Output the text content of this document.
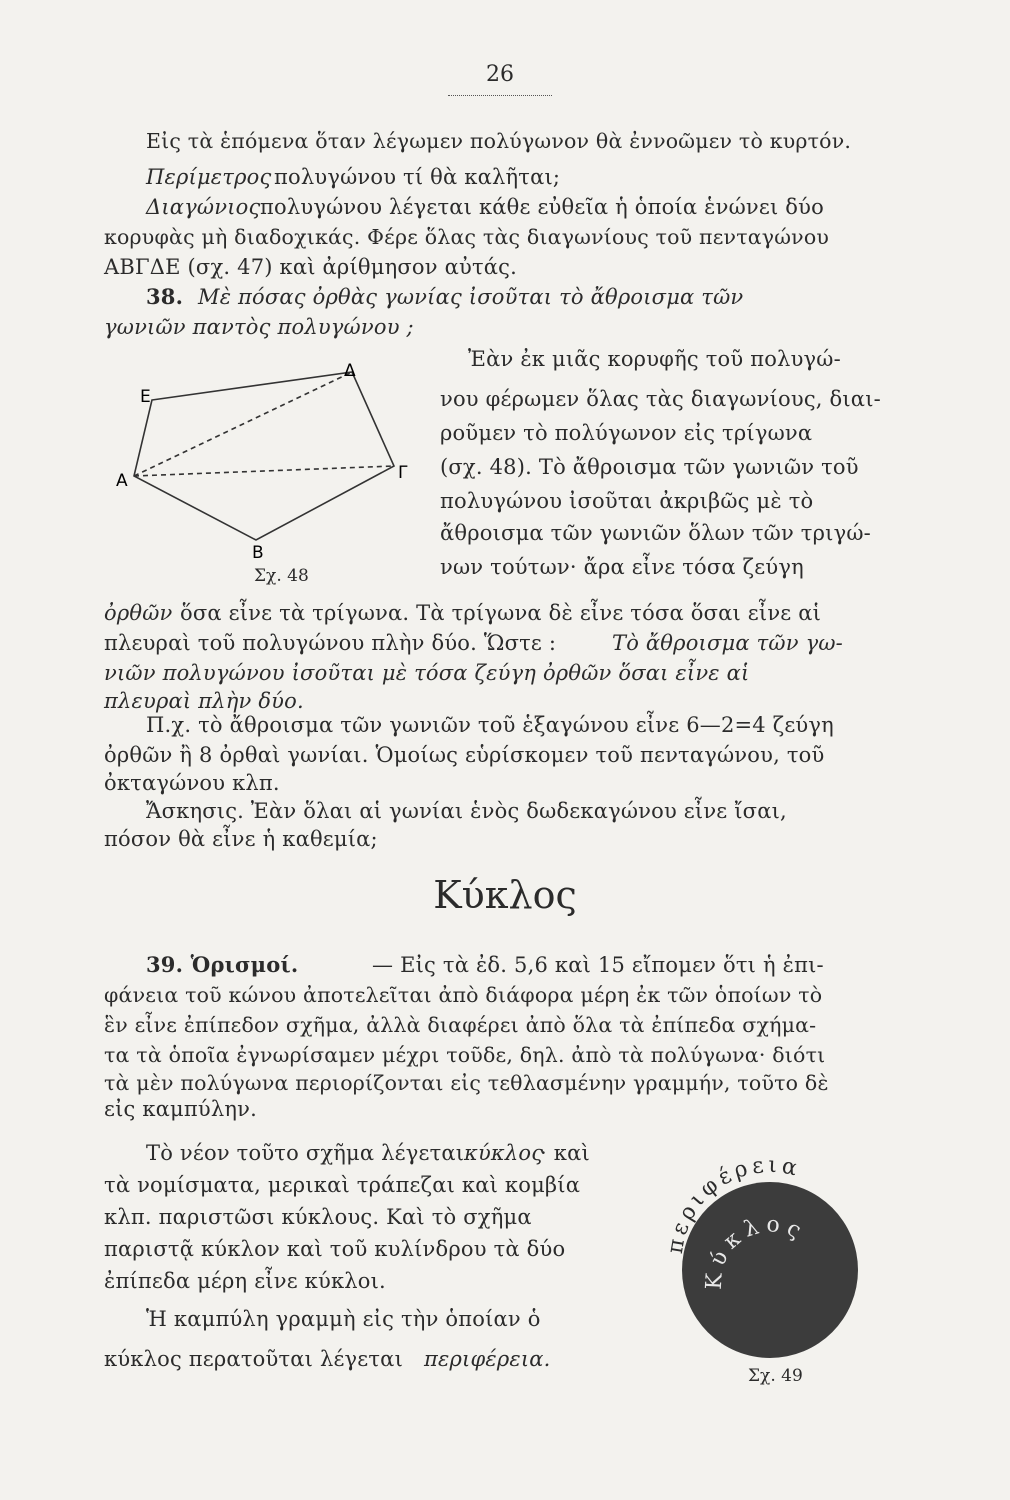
26
Εἰς τὰ ἑπόμενα ὅταν λέγωμεν πολύγωνον θὰ ἐννοῶμεν τὸ κυρτόν.
Περίμετρος πολυγώνου τί θὰ καλῆται;
Διαγώνιος πολυγώνου λέγεται κάθε εὐθεῖα ἡ ὁποία ἑνώνει δύο
κορυφὰς μὴ διαδοχικάς. Φέρε ὅλας τὰς διαγωνίους τοῦ πενταγώνου
ΑΒΓΔΕ (σχ. 47) καὶ ἀρίθμησον αὐτάς.
38. Μὲ πόσας ὀρθὰς γωνίας ἰσοῦται τὸ ἄθροισμα τῶν
γωνιῶν παντὸς πολυγώνου ;
Ἐὰν ἐκ μιᾶς κορυφῆς τοῦ πολυγώ-
νου φέρωμεν ὅλας τὰς διαγωνίους, διαι-
ροῦμεν τὸ πολύγωνον εἰς τρίγωνα
(σχ. 48). Τὸ ἄθροισμα τῶν γωνιῶν τοῦ
πολυγώνου ἰσοῦται ἀκριβῶς μὲ τὸ
ἄθροισμα τῶν γωνιῶν ὅλων τῶν τριγώ-
νων τούτων· ἄρα εἶνε τόσα ζεύγη
E
Δ
Γ
A
B
Σχ. 48
ὀρθῶν ὅσα εἶνε τὰ τρίγωνα. Τὰ τρίγωνα δὲ εἶνε τόσα ὅσαι εἶνε αἱ
πλευραὶ τοῦ πολυγώνου πλὴν δύο. Ὥστε :	Τὸ ἄθροισμα τῶν γω-
νιῶν πολυγώνου ἰσοῦται μὲ τόσα ζεύγη ὀρθῶν ὅσαι εἶνε αἱ
πλευραὶ πλὴν δύο.
Π.χ. τὸ ἄθροισμα τῶν γωνιῶν τοῦ ἑξαγώνου εἶνε 6—2=4 ζεύγη
ὀρθῶν ἢ 8 ὀρθαὶ γωνίαι. Ὁμοίως εὑρίσκομεν τοῦ πενταγώνου, τοῦ
ὀκταγώνου κλπ.
Ἄσκησις. Ἐὰν ὅλαι αἱ γωνίαι ἑνὸς δωδεκαγώνου εἶνε ἴσαι,
πόσον θὰ εἶνε ἡ καθεμία;
Κύκλος
39. Ὁρισμοί.	— Εἰς τὰ ἐδ. 5,6 καὶ 15 εἴπομεν ὅτι ἡ ἐπι-
φάνεια τοῦ κώνου ἀποτελεῖται ἀπὸ διάφορα μέρη ἐκ τῶν ὁποίων τὸ
ἓν εἶνε ἐπίπεδον σχῆμα, ἀλλὰ διαφέρει ἀπὸ ὅλα τὰ ἐπίπεδα σχήμα-
τα τὰ ὁποῖα ἐγνωρίσαμεν μέχρι τοῦδε, δηλ. ἀπὸ τὰ πολύγωνα· διότι
τὰ μὲν πολύγωνα περιορίζονται εἰς τεθλασμένην γραμμήν, τοῦτο δὲ
εἰς καμπύλην.
Τὸ νέον τοῦτο σχῆμα λέγεται κύκλος
· καὶ
τὰ νομίσματα, μερικαὶ τράπεζαι καὶ κομβία
κλπ. παριστῶσι κύκλους. Καὶ τὸ σχῆμα
παριστᾷ κύκλον καὶ τοῦ κυλίνδρου τὰ δύο
ἐπίπεδα μέρη εἶνε κύκλοι.
Ἡ καμπύλη γραμμὴ εἰς τὴν ὁποίαν ὁ
κύκλος περατοῦται λέγεται περιφέρεια.
περιφέρεια
Κύκλος
Σχ. 49
